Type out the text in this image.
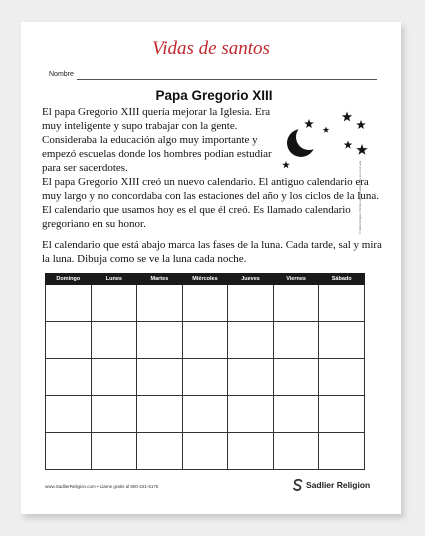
Vidas de santos
Nombre
Papa Gregorio XIII

El papa Gregorio XIII quería mejorar la Iglesia. Era muy inteligente y supo trabajar con la gente. Consideraba la educación algo muy importante y empezó escuelas donde los hombres podían estudiar para ser sacerdotes.

El papa Gregorio XIII creó un nuevo calendario. El antiguo calendario era muy largo y no concordaba con las estaciones del año y los ciclos de la luna. El calendario que usamos hoy es el que él creó. Es llamado calendario gregoriano en su honor.

El calendario que está abajo marca las fases de la luna. Cada tarde, sal y mira la luna. Dibuja como se ve la luna cada noche.

Domingo	Lunes	Martes	Miércoles	Jueves	Viernes	Sábado

© Sadlier Religion. Permiso para reproducir para uso en el aula.
www.SadlierReligion.com • Llame gratis al 800-221-5175	Sadlier Religion
